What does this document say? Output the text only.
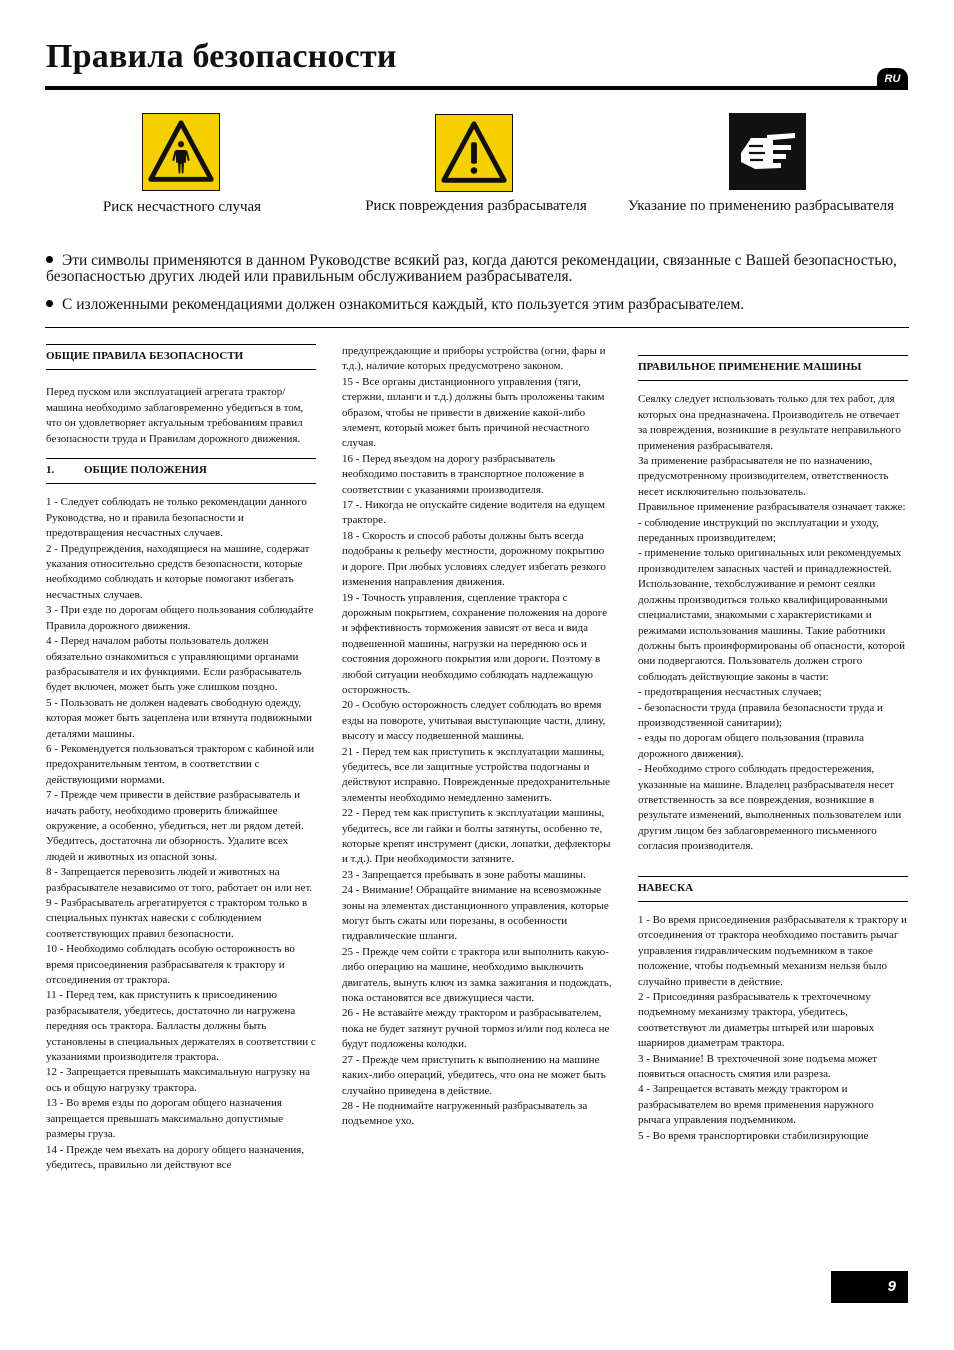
Правила безопасности
RU
Риск несчастного случая	Риск повреждения разбрасывателя	Указание по применению разбрасывателя
Эти символы применяются в данном Руководстве всякий раз, когда даются рекомендации, связанные с Вашей безопасностью, безопасностью других людей или правильным обслуживанием разбрасывателя.
С изложенными рекомендациями должен ознакомиться каждый, кто пользуется этим разбрасывателем.
ОБЩИЕ ПРАВИЛА БЕЗОПАСНОСТИ

Перед пуском или эксплуатацией агрегата трактор/машина необходимо заблаговременно убедиться в том, что он удовлетворяет актуальным требованиям правил безопасности труда и Правилам дорожного движения.

1.	ОБЩИЕ ПОЛОЖЕНИЯ

1 - Следует соблюдать не только рекомендации данного Руководства, но и правила безопасности и предотвращения несчастных случаев.

2 - Предупреждения, находящиеся на машине, содержат указания относительно средств безопасности, которые необходимо соблюдать и которые помогают избегать несчастных случаев.

3 - При езде по дорогам общего пользования соблюдайте Правила дорожного движения.

4 - Перед началом работы пользователь должен обязательно ознакомиться с управляющими органами разбрасывателя и их функциями. Если разбрасыватель будет включен, может быть уже слишком поздно.

5 - Пользовать не должен надевать свободную одежду, которая может быть зацеплена или втянута подвижными деталями машины.

6 - Рекомендуется пользоваться трактором с кабиной или предохранительным тентом, в соответствии с действующими нормами.

7 - Прежде чем привести в действие разбрасыватель и начать работу, необходимо проверить ближайшее окружение, а особенно, убедиться, нет ли рядом детей. Убедитесь, достаточна ли обзорность. Удалите всех людей и животных из опасной зоны.

8 - Запрещается перевозить людей и животных на разбрасывателе независимо от того, работает он или нет.

9 - Разбрасыватель агрегатируется с трактором только в специальных пунктах навески с соблюдением соответствующих правил безопасности.

10 - Необходимо соблюдать особую осторожность во время присоединения разбрасывателя к трактору и отсоединения от трактора.

11 - Перед тем, как приступить к присоединению разбрасывателя, убедитесь, достаточно ли нагружена передняя ось трактора. Балласты должны быть установлены в специальных держателях в соответствии с указаниями производителя трактора.

12 - Запрещается превышать максимальную нагрузку на ось и общую нагрузку трактора.

13 - Во время езды по дорогам общего назначения запрещается превышать максимально допустимые размеры груза.

14 - Прежде чем въехать на дорогу общего назначения, убедитесь, правильно ли действуют все

предупреждающие и приборы устройства (огни, фары и т.д.), наличие которых предусмотрено законом.

15 - Все органы дистанционного управления (тяги, стержни, шланги и т.д.) должны быть проложены таким образом, чтобы не привести в движение какой-либо элемент, который может быть причиной несчастного случая.

16 - Перед въездом на дорогу разбрасыватель необходимо поставить в транспортное положение в соответствии с указаниями производителя.

17 -. Никогда не опускайте сидение водителя на едущем тракторе.

18 - Скорость и способ работы должны быть всегда подобраны к рельефу местности, дорожному покрытию и дороге. При любых условиях следует избегать резкого изменения направления движения.

19 - Точность управления, сцепление трактора с дорожным покрытием, сохранение положения на дороге и эффективность торможения зависят от веса и вида подвешенной машины, нагрузки на переднюю ось и состояния дорожного покрытия или дороги. Поэтому в любой ситуации необходимо соблюдать надлежащую осторожность.

20 - Особую осторожность следует соблюдать во время езды на повороте, учитывая выступающие части, длину, высоту и массу подвешенной машины.

21 - Перед тем как приступить к эксплуатации машины, убедитесь, все ли защитные устройства подогнаны и действуют исправно. Поврежденные предохранительные элементы необходимо немедленно заменить.

22 - Перед тем как приступить к эксплуатации машины, убедитесь, все ли гайки и болты затянуты, особенно те, которые крепят инструмент (диски, лопатки, дефлекторы и т.д.). При необходимости затяните.

23 - Запрещается пребывать в зоне работы машины.

24 - Внимание! Обращайте внимание на всевозможные зоны на элементах дистанционного управления, которые могут быть сжаты или порезаны, в особенности гидравлические шланги.

25 - Прежде чем сойти с трактора или выполнить какую-либо операцию на машине, необходимо выключить двигатель, вынуть ключ из замка зажигания и подождать, пока остановятся все движущиеся части.

26 - Не вставайте между трактором и разбрасывателем, пока не будет затянут ручной тормоз и/или под колеса не будут подложены колодки.

27 - Прежде чем приступить к выполнению на машине каких-либо операций, убедитесь, что она не может быть случайно приведена в действие.

28 - Не поднимайте нагруженный разбрасыватель за подъемное ухо.

ПРАВИЛЬНОЕ ПРИМЕНЕНИЕ МАШИНЫ

Сеялку следует использовать только для тех работ, для которых она предназначена. Производитель не отвечает за повреждения, возникшие в результате неправильного применения разбрасывателя.

За применение разбрасывателя не по назначению, предусмотренному производителем, ответственность несет исключительно пользователь.

Правильное применение разбрасывателя означает также:

- соблюдение инструкций по эксплуатации и уходу, переданных производителем;

- применение только оригинальных или рекомендуемых производителем запасных частей и принадлежностей.

Использование, техобслуживание и ремонт сеялки должны производиться только квалифицированными специалистами, знакомыми с характеристиками и режимами использования машины. Такие работники должны быть проинформированы об опасности, которой они подвергаются. Пользователь должен строго соблюдать действующие законы в части:

- предотвращения несчастных случаев;

- безопасности труда (правила безопасности труда и производственной санитарии);

- езды по дорогам общего пользования (правила дорожного движения).

- Необходимо строго соблюдать предостережения, указанные на машине. Владелец разбрасывателя несет ответственность за все повреждения, возникшие в результате изменений, выполненных пользователем или другим лицом без заблаговременного письменного согласия производителя.

НАВЕСКА

1 - Во время присоединения разбрасывателя к трактору и отсоединения от трактора необходимо поставить рычаг управления гидравлическим подъемником в такое положение, чтобы подъемный механизм нельзя было случайно привести в действие.

2 - Присоединяя разбрасыватель к трехточечному подъемному механизму трактора, убедитесь, соответствуют ли диаметры штырей или шаровых шарниров диаметрам трактора.

3 - Внимание! В трехточечной зоне подъема может появиться опасность смятия или разреза.

4 - Запрещается вставать между трактором и разбрасывателем во время применения наружного рычага управления подъемником.

5 - Во время транспортировки стабилизирующие

9
